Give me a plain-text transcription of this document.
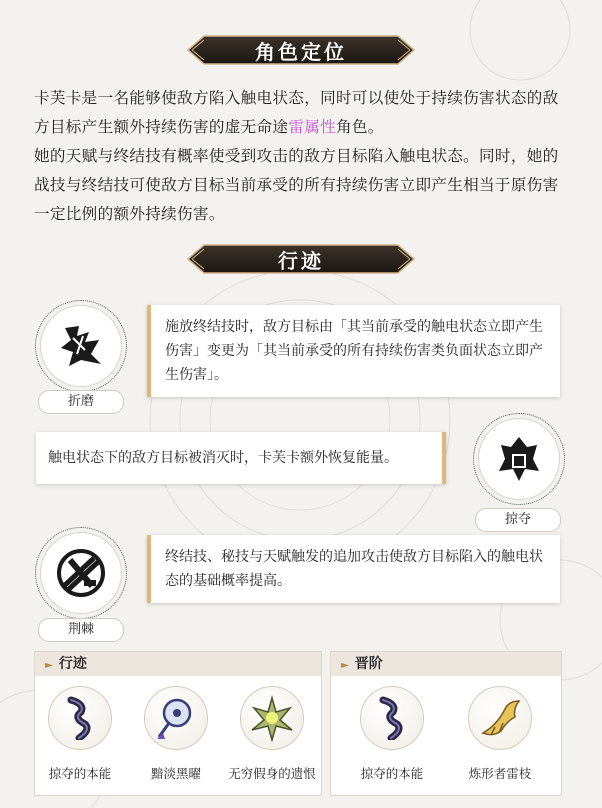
角色定位
卡芙卡是一名能够使敌方陷入触电状态，同时可以使处于持续伤害状态的敌方目标产生额外持续伤害的虚无命途雷属性角色。
她的天赋与终结技有概率使受到攻击的敌方目标陷入触电状态。同时，她的战技与终结技可使敌方目标当前承受的所有持续伤害立即产生相当于原伤害一定比例的额外持续伤害。
行迹
折磨
施放终结技时，敌方目标由「其当前承受的触电状态立即产生伤害」变更为「其当前承受的所有持续伤害类负面状态立即产生伤害」。
触电状态下的敌方目标被消灭时，卡芙卡额外恢复能量。
掠夺
荆棘
终结技、秘技与天赋触发的追加攻击使敌方目标陷入的触电状态的基础概率提高。
► 行迹
掠夺的本能	黯淡黑曜	无穷假身的遗恨
► 晋阶
掠夺的本能	炼形者雷枝
